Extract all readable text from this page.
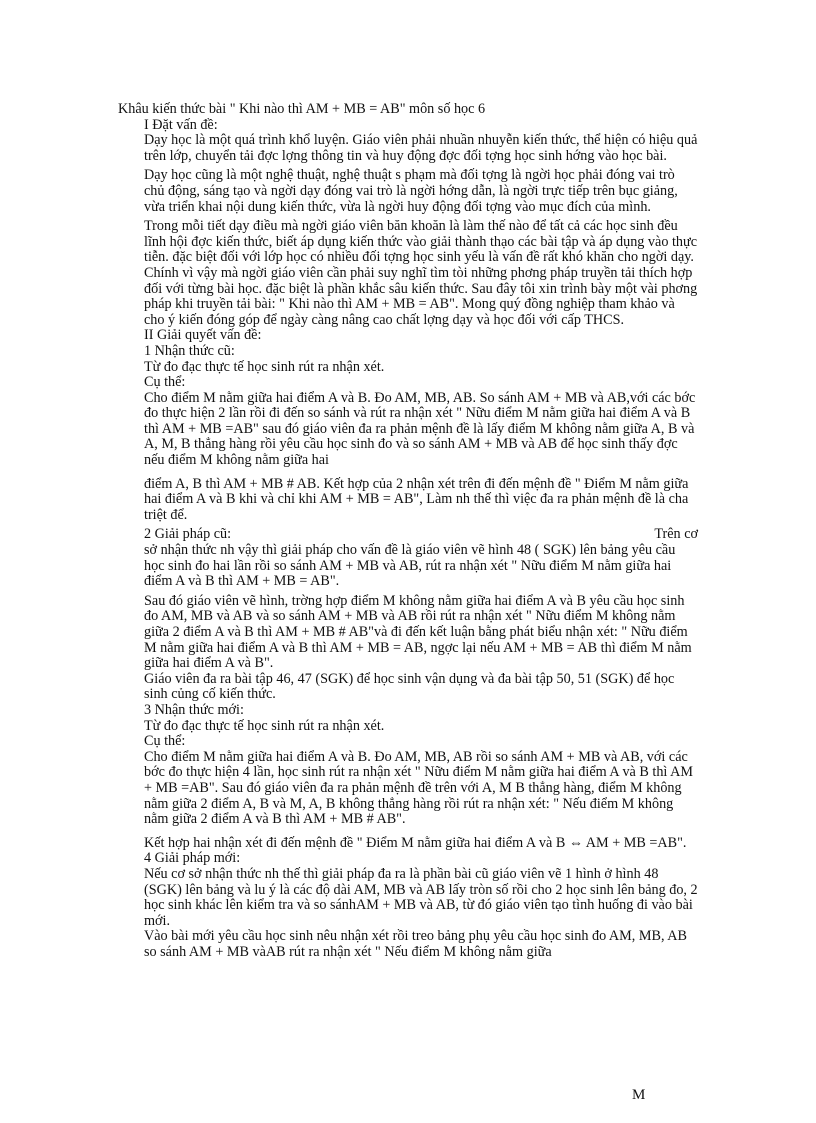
Khâu kiến thức bài " Khi nào thì AM + MB = AB" môn số học 6

I Đặt vấn đề:

Dạy học là một quá trình khổ luyện. Giáo viên phải nhuần nhuyễn kiến thức, thể hiện có hiệu quả trên lớp, chuyển tải đợc lợng thông tin và huy động đợc đối tợng học sinh hớng vào học bài.

Dạy học cũng là một nghệ thuật, nghệ thuật s phạm mà đối tợng là ngời học phải đóng vai trò chủ động, sáng tạo và ngời dạy đóng vai trò là ngời hớng dẫn, là ngời trực tiếp trên bục giảng, vừa triển khai nội dung kiến thức, vừa là ngời huy động đối tợng vào mục đích của mình.

Trong mỗi tiết dạy điều mà ngời giáo viên băn khoăn là làm thế nào để tất cả các học sinh đều lĩnh hội đợc kiến thức, biết áp dụng kiến thức vào giải thành thạo các bài tập và áp dụng vào thực tiễn. đặc biệt đối với lớp học có nhiều đối tợng học sinh yếu là vấn đề rất khó khăn cho ngời dạy. Chính vì vậy mà ngời giáo viên cần phải suy nghĩ tìm tòi những phơng pháp truyền tải thích hợp đối với từng bài học. đặc biệt là phần khắc sâu kiến thức. Sau đây tôi xin trình bày một vài phơng pháp khi truyền tải bài: " Khi nào thì AM + MB = AB". Mong quý đồng nghiệp tham khảo và cho ý kiến đóng góp để ngày càng nâng cao chất lợng dạy và học đối với cấp THCS.

II Giải quyết vấn đề:

1 Nhận thức cũ:

Từ đo đạc thực tế học sinh rút ra nhận xét.

Cụ thể:

Cho điểm M nằm giữa hai điểm A và B. Đo AM, MB, AB. So sánh AM + MB và AB,với các bớc đo thực hiện 2 lần rồi đi đến so sánh và rút ra nhận xét " Nữu điểm M nằm giữa hai điểm A và B thì AM + MB =AB" sau đó giáo viên đa ra phản mệnh đề là lấy điểm M không nằm giữa A, B và A, M, B thẳng hàng rồi yêu cầu học sinh đo và so sánh AM + MB và AB để học sinh thấy đợc nếu điểm M không nằm giữa hai

điểm A, B thì AM + MB # AB. Kết hợp của 2 nhận xét trên đi đến mệnh đề " Điểm M nằm giữa hai điểm A và B khi và chỉ khi AM + MB = AB", Làm nh thế thì việc đa ra phản mệnh đề là cha triệt để.

2 Giải pháp cũ:	Trên cơ

sở nhận thức nh vậy thì giải pháp cho vấn đề là giáo viên vẽ hình 48 ( SGK) lên bảng yêu cầu học sinh đo hai lần rồi so sánh AM + MB và AB, rút ra nhận xét " Nữu điểm M nằm giữa hai điểm A và B thì AM + MB = AB".

Sau đó giáo viên vẽ hình, trờng hợp điểm M không nằm giữa hai điểm A và B yêu cầu học sinh đo AM, MB và AB và so sánh AM + MB và AB rồi rút ra nhận xét " Nữu điểm M không nằm giữa 2 điểm A và B thì AM + MB # AB"và đi đến kết luận bằng phát biểu nhận xét: " Nữu điểm M nằm giữa hai điểm A và B thì AM + MB = AB, ngợc lại nếu AM + MB = AB thì điểm M nằm giữa hai điểm A và B".

Giáo viên đa ra bài tập 46, 47 (SGK) để học sinh vận dụng và đa bài tập 50, 51 (SGK) để học sinh củng cố kiến thức.

3 Nhận thức mới:

Từ đo đạc thực tế học sinh rút ra nhận xét.

Cụ thể:

Cho điểm M nằm giữa hai điểm A và B. Đo AM, MB, AB rồi so sánh AM + MB và AB, với các bớc đo thực hiện 4 lần, học sinh rút ra nhận xét " Nữu điểm M nằm giữa hai điểm A và B thì AM + MB =AB". Sau đó giáo viên đa ra phản mệnh đề trên với A, M B thẳng hàng, điểm M không nằm giữa 2 điểm A, B và M, A, B không thẳng hàng rồi rút ra nhận xét: " Nếu điểm M không nằm giữa 2 điểm A và B thì AM + MB # AB".

Kết hợp hai nhận xét đi đến mệnh đề " Điểm M nằm giữa hai điểm A và B ⇔ AM + MB =AB".

4 Giải pháp mới:

Nếu cơ sở nhận thức nh thế thì giải pháp đa ra là phần bài cũ giáo viên vẽ 1 hình ở hình 48 (SGK) lên bảng và lu ý là các độ dài AM, MB và AB lấy tròn số rồi cho 2 học sinh lên bảng đo, 2 học sinh khác lên kiểm tra và so sánhAM + MB và AB, từ đó giáo viên tạo tình huống đi vào bài mới.

Vào bài mới yêu cầu học sinh nêu nhận xét rồi treo bảng phụ yêu cầu học sinh đo AM, MB, AB so sánh AM + MB vàAB rút ra nhận xét " Nếu điểm M không nằm giữa

M
